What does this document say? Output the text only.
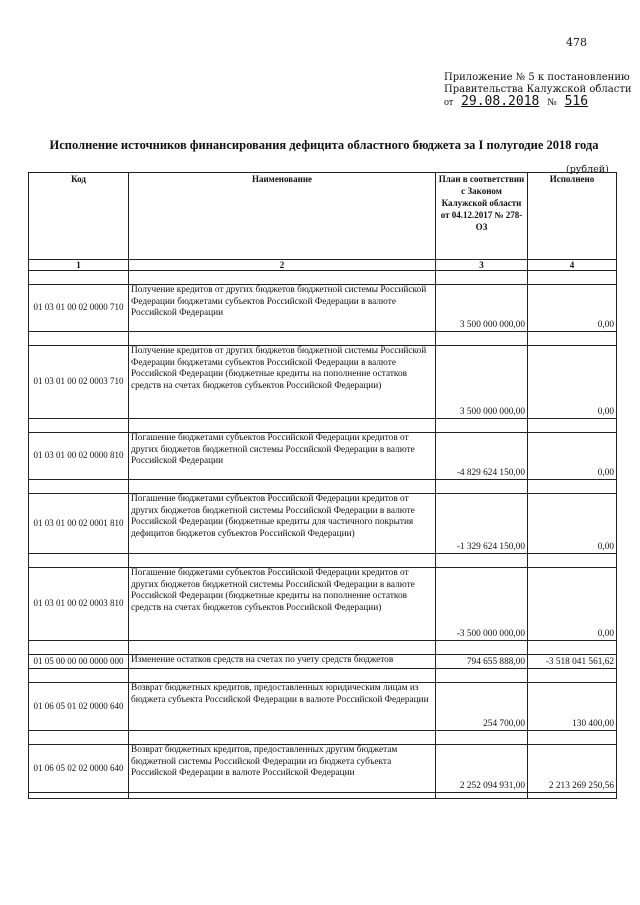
478
Приложение № 5 к постановлению
Правительства Калужской области
от 29.08.2018 № 516
Исполнение источников финансирования дефицита областного бюджета за I полугодие 2018 года
(рублей)
Код	Наименование	План в соответствии с Законом Калужской области от 04.12.2017 № 278-ОЗ	Исполнено
1	2	3	4

01 03 01 00 02 0000 710	Получение кредитов от других бюджетов бюджетной системы Российской Федерации бюджетами субъектов Российской Федерации в валюте Российской Федерации	3 500 000 000,00	0,00

01 03 01 00 02 0003 710	Получение кредитов от других бюджетов бюджетной системы Российской Федерации бюджетами субъектов Российской Федерации в валюте Российской Федерации (бюджетные кредиты на пополнение остатков средств на счетах бюджетов субъектов Российской Федерации)	3 500 000 000,00	0,00

01 03 01 00 02 0000 810	Погашение бюджетами субъектов Российской Федерации кредитов от других бюджетов бюджетной системы Российской Федерации в валюте Российской Федерации	-4 829 624 150,00	0,00

01 03 01 00 02 0001 810	Погашение бюджетами субъектов Российской Федерации кредитов от других бюджетов бюджетной системы Российской Федерации в валюте Российской Федерации (бюджетные кредиты для частичного покрытия дефицитов бюджетов субъектов Российской Федерации)	-1 329 624 150,00	0,00

01 03 01 00 02 0003 810	Погашение бюджетами субъектов Российской Федерации кредитов от других бюджетов бюджетной системы Российской Федерации в валюте Российской Федерации (бюджетные кредиты на пополнение остатков средств на счетах бюджетов субъектов Российской Федерации)	-3 500 000 000,00	0,00

01 05 00 00 00 0000 000	Изменение остатков средств на счетах по учету средств бюджетов	794 655 888,00	-3 518 041 561,62

01 06 05 01 02 0000 640	Возврат бюджетных кредитов, предоставленных юридическим лицам из бюджета субъекта Российской Федерации в валюте Российской Федерации	254 700,00	130 400,00

01 06 05 02 02 0000 640	Возврат бюджетных кредитов, предоставленных другим бюджетам бюджетной системы Российской Федерации из бюджета субъекта Российской Федерации в валюте Российской Федерации	2 252 094 931,00	2 213 269 250,56
